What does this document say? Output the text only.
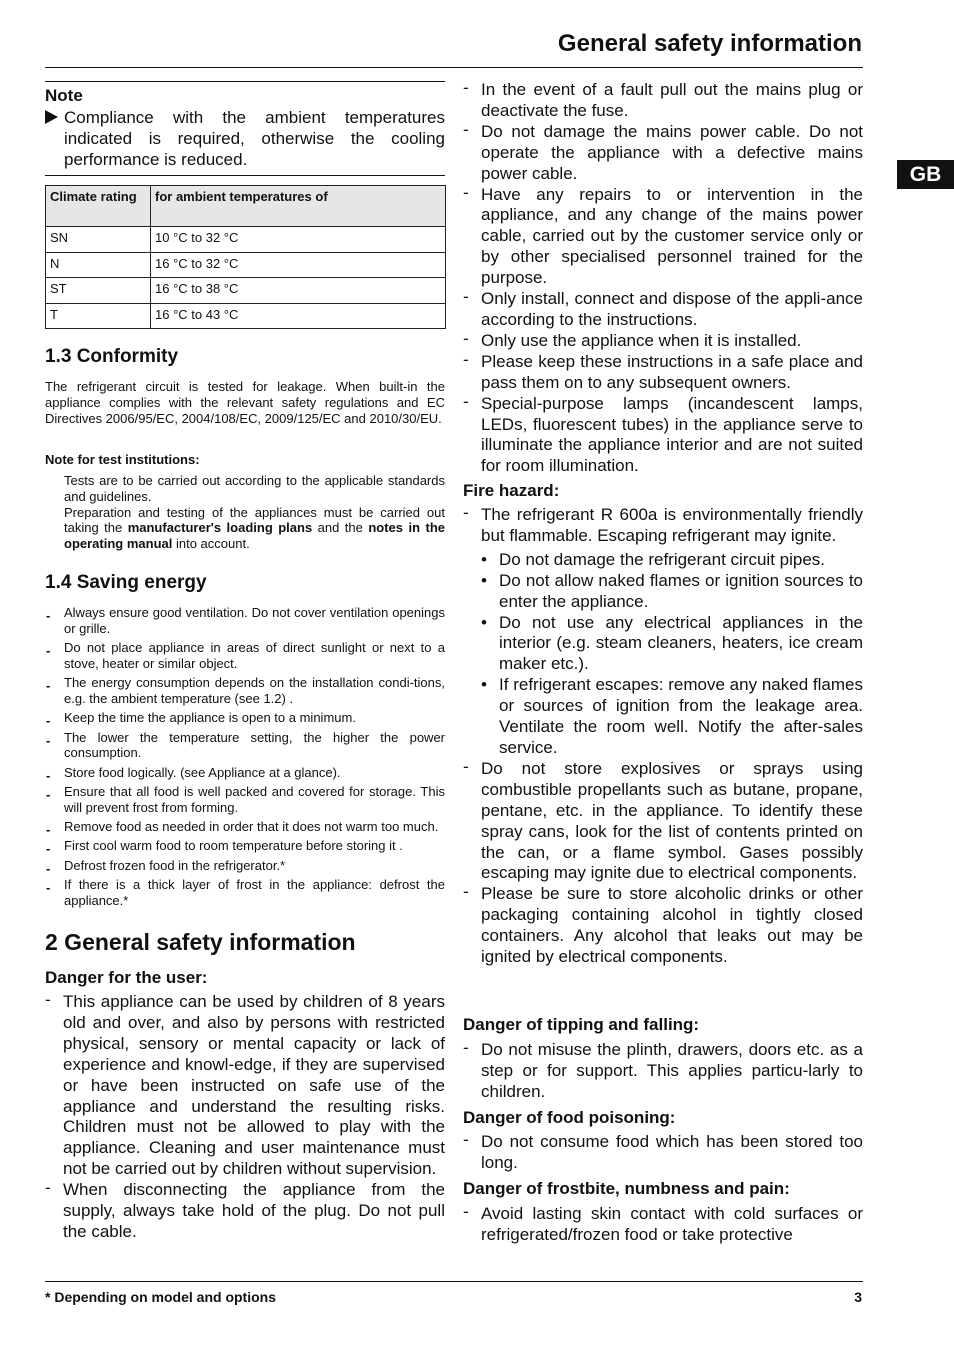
General safety information
GB
Note
Compliance with the ambient temperatures indicated is required, otherwise the cooling performance is reduced.
Climate rating	for ambient temperatures of
SN	10 °C to 32 °C
N	16 °C to 32 °C
ST	16 °C to 38 °C
T	16 °C to 43 °C
1.3 Conformity
The refrigerant circuit is tested for leakage. When built-in the appliance complies with the relevant safety regulations and EC Directives 2006/95/EC, 2004/108/EC, 2009/125/EC and 2010/30/EU.
Note for test institutions:
Tests are to be carried out according to the applicable standards and guidelines.
Preparation and testing of the appliances must be carried out taking the manufacturer's loading plans and the notes in the operating manual into account.
1.4 Saving energy
- Always ensure good ventilation. Do not cover ventilation openings or grille.
- Do not place appliance in areas of direct sunlight or next to a stove, heater or similar object.
- The energy consumption depends on the installation condi-tions, e.g. the ambient temperature (see 1.2) .
- Keep the time the appliance is open to a minimum.
- The lower the temperature setting, the higher the power consumption.
- Store food logically. (see Appliance at a glance).
- Ensure that all food is well packed and covered for storage. This will prevent frost from forming.
- Remove food as needed in order that it does not warm too much.
- First cool warm food to room temperature before storing it .
- Defrost frozen food in the refrigerator.*
- If there is a thick layer of frost in the appliance: defrost the appliance.*
2 General safety information
Danger for the user:
- This appliance can be used by children of 8 years old and over, and also by persons with restricted physical, sensory or mental capacity or lack of experience and knowl-edge, if they are supervised or have been instructed on safe use of the appliance and understand the resulting risks. Children must not be allowed to play with the appliance. Cleaning and user maintenance must not be carried out by children without supervision.
- When disconnecting the appliance from the supply, always take hold of the plug. Do not pull the cable.
- In the event of a fault pull out the mains plug or deactivate the fuse.
- Do not damage the mains power cable. Do not operate the appliance with a defective mains power cable.
- Have any repairs to or intervention in the appliance, and any change of the mains power cable, carried out by the customer service only or by other specialised personnel trained for the purpose.
- Only install, connect and dispose of the appli-ance according to the instructions.
- Only use the appliance when it is installed.
- Please keep these instructions in a safe place and pass them on to any subsequent owners.
- Special-purpose lamps (incandescent lamps, LEDs, fluorescent tubes) in the appliance serve to illuminate the appliance interior and are not suited for room illumination.
Fire hazard:
- The refrigerant R 600a is environmentally friendly but flammable. Escaping refrigerant may ignite.
• Do not damage the refrigerant circuit pipes.
• Do not allow naked flames or ignition sources to enter the appliance.
• Do not use any electrical appliances in the interior (e.g. steam cleaners, heaters, ice cream maker etc.).
• If refrigerant escapes: remove any naked flames or sources of ignition from the leakage area. Ventilate the room well. Notify the after-sales service.
- Do not store explosives or sprays using combustible propellants such as butane, propane, pentane, etc. in the appliance. To identify these spray cans, look for the list of contents printed on the can, or a flame symbol. Gases possibly escaping may ignite due to electrical components.
- Please be sure to store alcoholic drinks or other packaging containing alcohol in tightly closed containers. Any alcohol that leaks out may be ignited by electrical components.
Danger of tipping and falling:
- Do not misuse the plinth, drawers, doors etc. as a step or for support. This applies particu-larly to children.
Danger of food poisoning:
- Do not consume food which has been stored too long.
Danger of frostbite, numbness and pain:
- Avoid lasting skin contact with cold surfaces or refrigerated/frozen food or take protective
* Depending on model and options	3
